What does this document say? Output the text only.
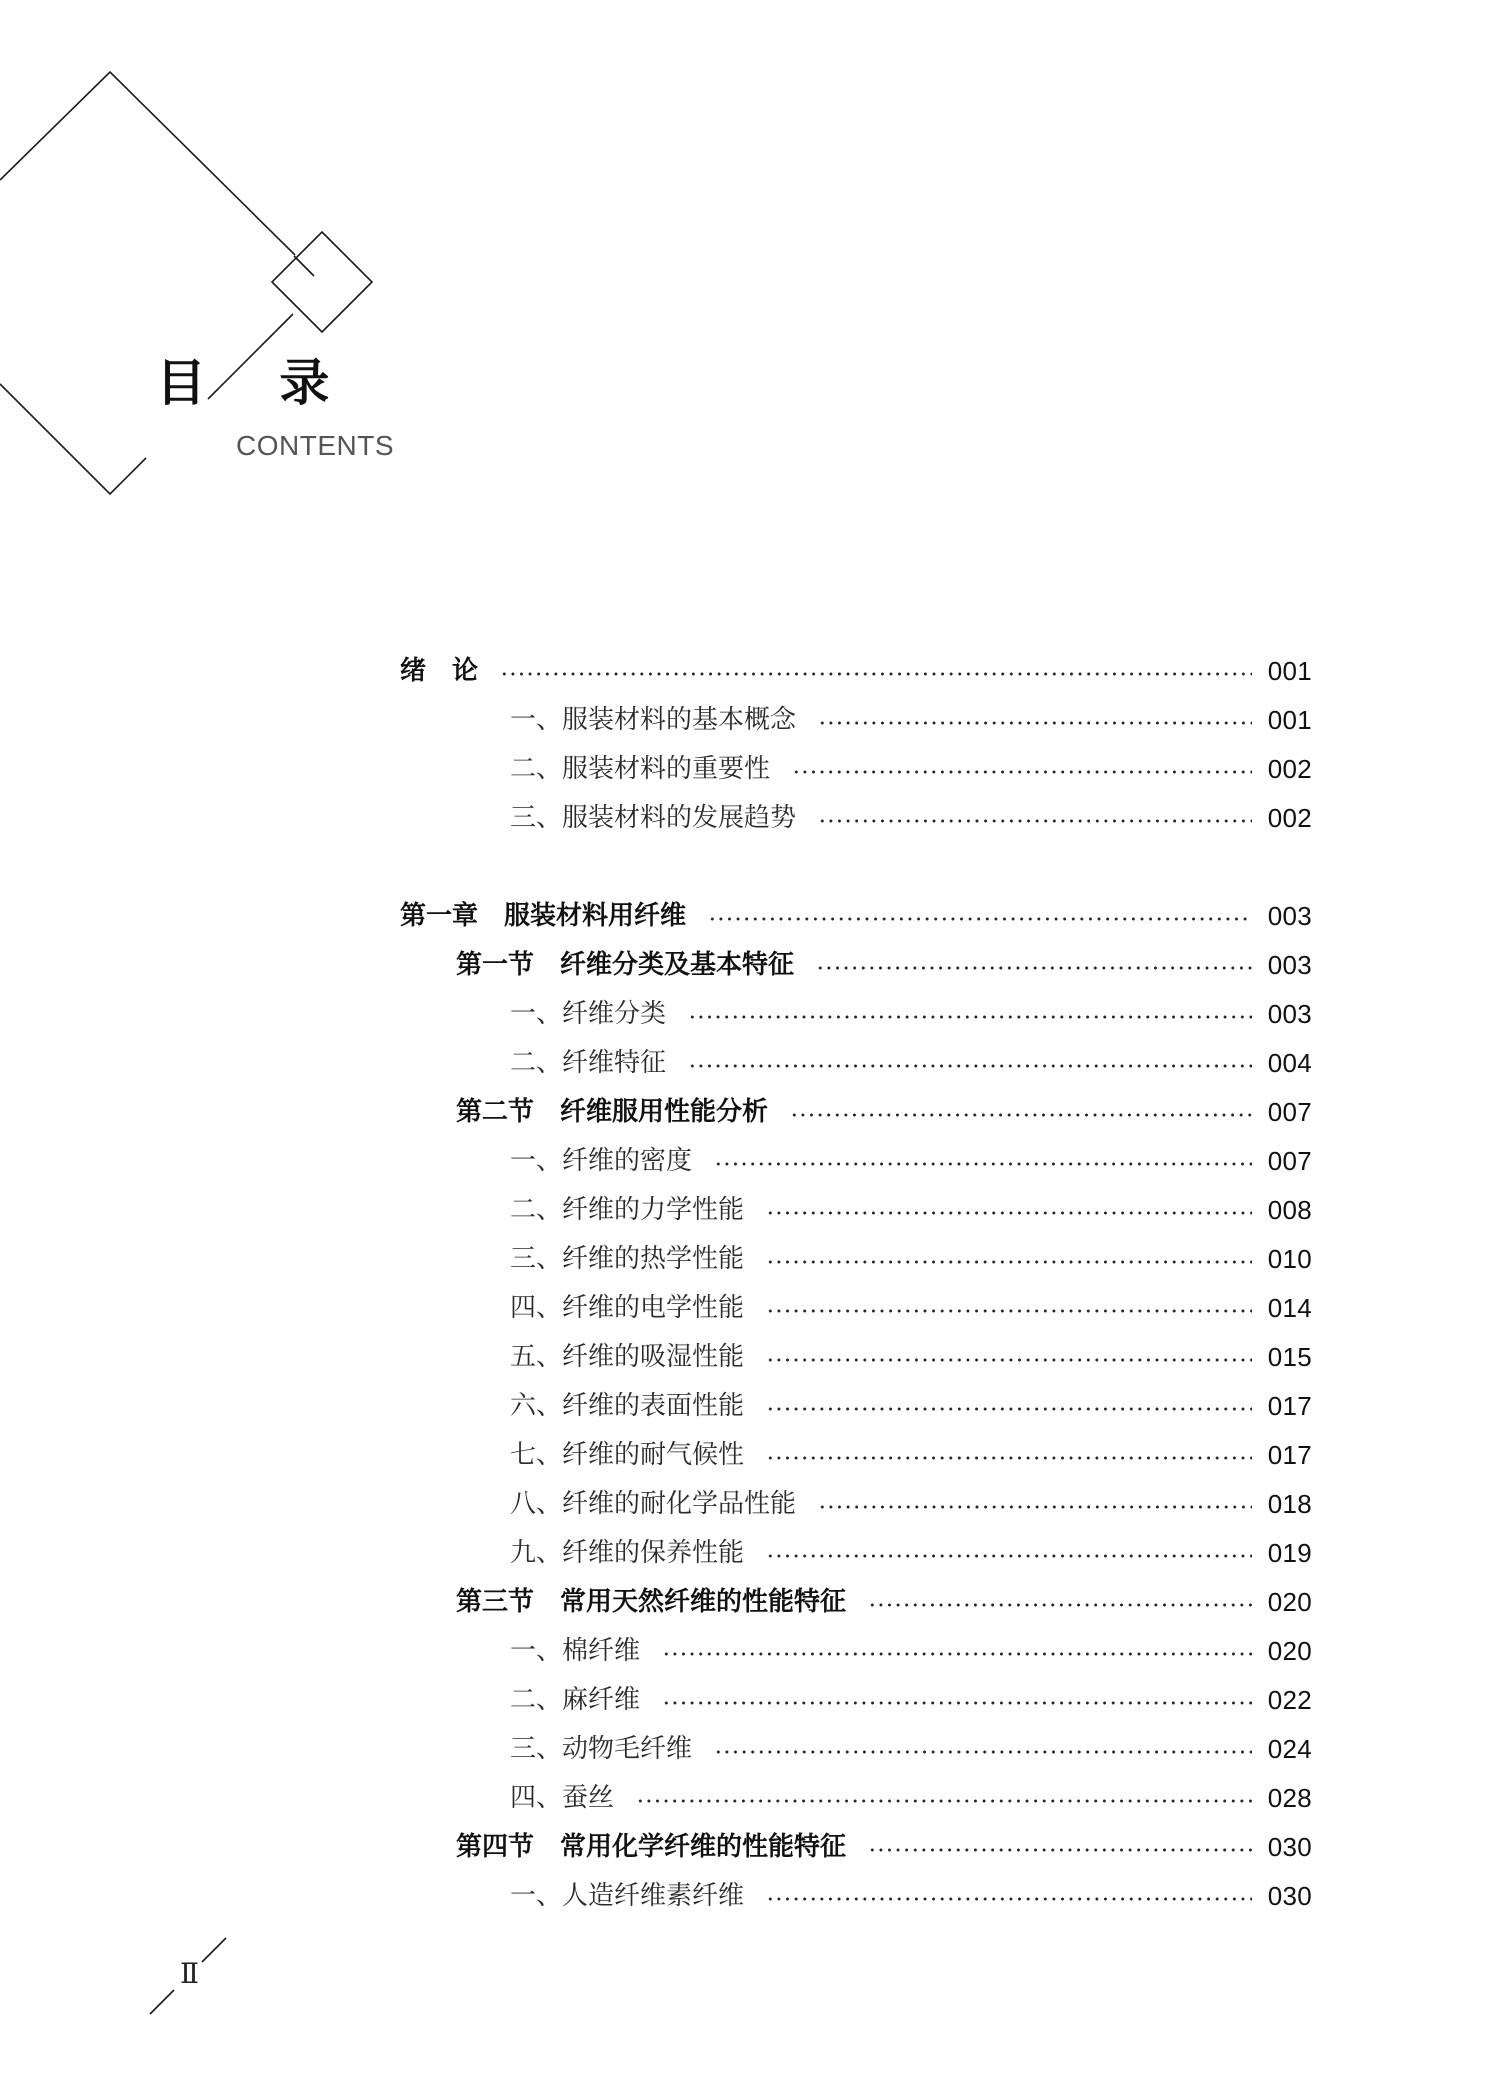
目 录
CONTENTS
绪　论	001
一、服装材料的基本概念	001
二、服装材料的重要性	002
三、服装材料的发展趋势	002
第一章　服装材料用纤维	003
第一节　纤维分类及基本特征	003
一、纤维分类	003
二、纤维特征	004
第二节　纤维服用性能分析	007
一、纤维的密度	007
二、纤维的力学性能	008
三、纤维的热学性能	010
四、纤维的电学性能	014
五、纤维的吸湿性能	015
六、纤维的表面性能	017
七、纤维的耐气候性	017
八、纤维的耐化学品性能	018
九、纤维的保养性能	019
第三节　常用天然纤维的性能特征	020
一、棉纤维	020
二、麻纤维	022
三、动物毛纤维	024
四、蚕丝	028
第四节　常用化学纤维的性能特征	030
一、人造纤维素纤维	030
Ⅱ
